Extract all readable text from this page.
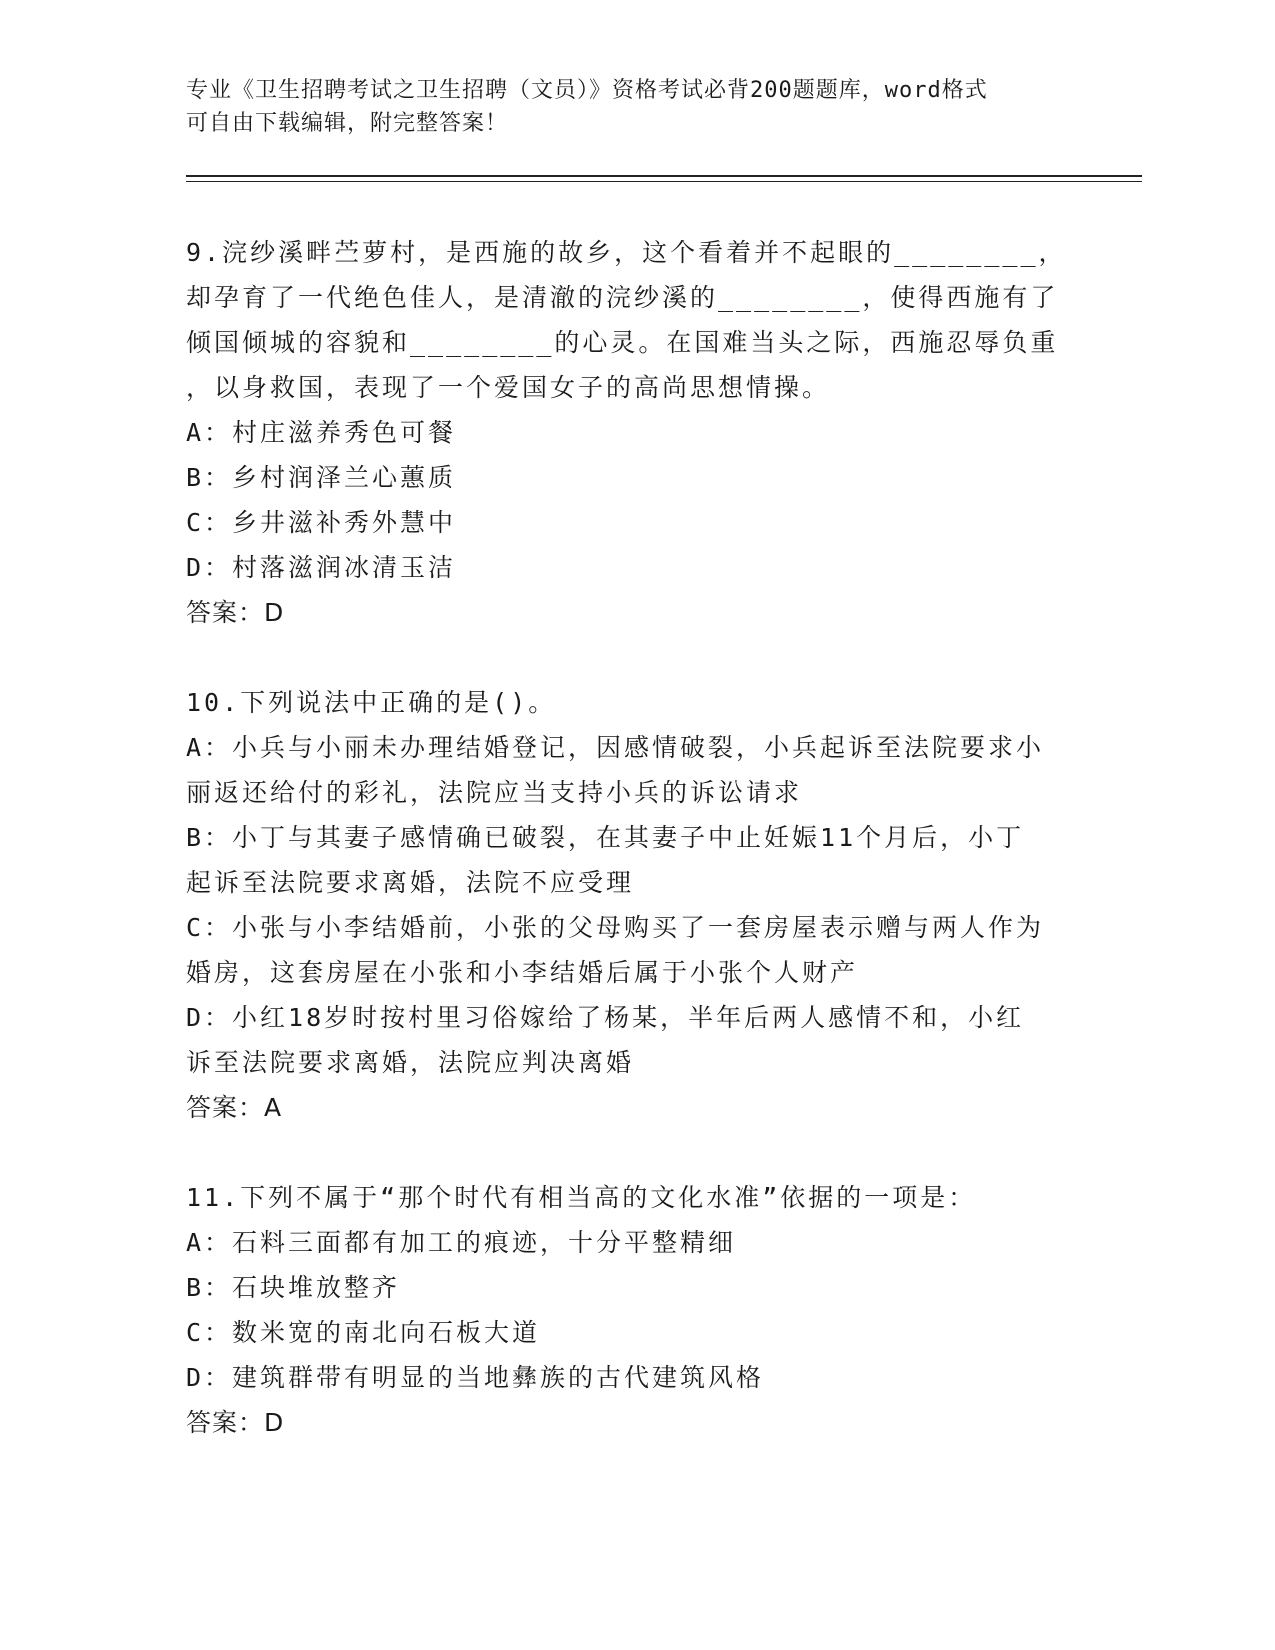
专业《卫生招聘考试之卫生招聘（文员）》资格考试必背200题题库，word格式
可自由下载编辑，附完整答案！
9.浣纱溪畔苎萝村，是西施的故乡，这个看着并不起眼的________，
却孕育了一代绝色佳人，是清澈的浣纱溪的________，使得西施有了
倾国倾城的容貌和________的心灵。在国难当头之际，西施忍辱负重
，以身救国，表现了一个爱国女子的高尚思想情操。
A：村庄滋养秀色可餐
B：乡村润泽兰心蕙质
C：乡井滋补秀外慧中
D：村落滋润冰清玉洁
答案：D
10.下列说法中正确的是()。
A：小兵与小丽未办理结婚登记，因感情破裂，小兵起诉至法院要求小
丽返还给付的彩礼，法院应当支持小兵的诉讼请求
B：小丁与其妻子感情确已破裂，在其妻子中止妊娠11个月后，小丁
起诉至法院要求离婚，法院不应受理
C：小张与小李结婚前，小张的父母购买了一套房屋表示赠与两人作为
婚房，这套房屋在小张和小李结婚后属于小张个人财产
D：小红18岁时按村里习俗嫁给了杨某，半年后两人感情不和，小红
诉至法院要求离婚，法院应判决离婚
答案：A
11.下列不属于“那个时代有相当高的文化水准”依据的一项是：
A：石料三面都有加工的痕迹，十分平整精细
B：石块堆放整齐
C：数米宽的南北向石板大道
D：建筑群带有明显的当地彝族的古代建筑风格
答案：D
